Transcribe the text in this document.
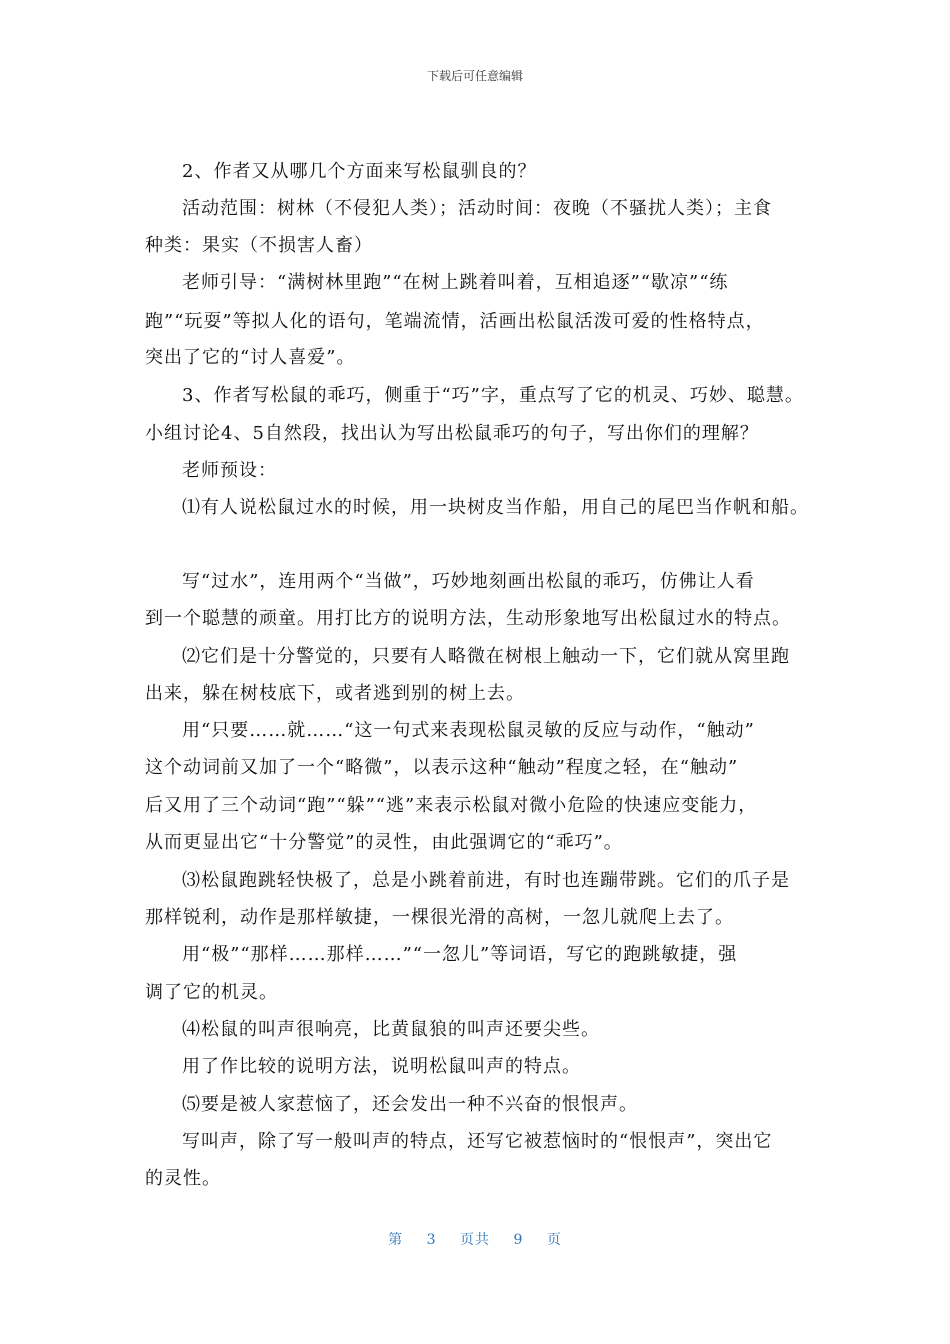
下载后可任意编辑
2、作者又从哪几个方面来写松鼠驯良的？
活动范围：树林（不侵犯人类）；活动时间：夜晚（不骚扰人类）；主食
种类：果实（不损害人畜）
老师引导：“满树林里跑”“在树上跳着叫着，互相追逐”“歇凉”“练
跑”“玩耍”等拟人化的语句，笔端流情，活画出松鼠活泼可爱的性格特点，
突出了它的“讨人喜爱”。
3、作者写松鼠的乖巧，侧重于“巧”字，重点写了它的机灵、巧妙、聪慧。
小组讨论4、5自然段，找出认为写出松鼠乖巧的句子，写出你们的理解？
老师预设：
⑴有人说松鼠过水的时候，用一块树皮当作船，用自己的尾巴当作帆和船。
写“过水”，连用两个“当做”，巧妙地刻画出松鼠的乖巧，仿佛让人看
到一个聪慧的顽童。用打比方的说明方法，生动形象地写出松鼠过水的特点。
⑵它们是十分警觉的，只要有人略微在树根上触动一下，它们就从窝里跑
出来，躲在树枝底下，或者逃到别的树上去。
用“只要……就……“这一句式来表现松鼠灵敏的反应与动作，“触动”
这个动词前又加了一个“略微”，以表示这种“触动”程度之轻，在“触动”
后又用了三个动词“跑”“躲”“逃”来表示松鼠对微小危险的快速应变能力，
从而更显出它“十分警觉”的灵性，由此强调它的“乖巧”。
⑶松鼠跑跳轻快极了，总是小跳着前进，有时也连蹦带跳。它们的爪子是
那样锐利，动作是那样敏捷，一棵很光滑的高树，一忽儿就爬上去了。
用“极”“那样……那样……”“一忽儿”等词语，写它的跑跳敏捷，强
调了它的机灵。
⑷松鼠的叫声很响亮，比黄鼠狼的叫声还要尖些。
用了作比较的说明方法，说明松鼠叫声的特点。
⑸要是被人家惹恼了，还会发出一种不兴奋的恨恨声。
写叫声，除了写一般叫声的特点，还写它被惹恼时的“恨恨声”，突出它
的灵性。
第 3 页共 9 页
